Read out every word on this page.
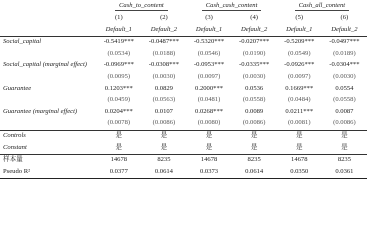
	Cash_to_content		Cash_cash_content		Cash_all_content	
	(1)	(2)	(3)	(4)	(5)	(6)
	Default_1	Default_2	Default_1	Default_2	Default_1	Default_2
Social_capital	-0.5419***	-0.0487***	-0.5320***	-0.0207***	-0.5209***	-0.0497***
	(0.0534)	(0.0188)	(0.0546)	(0.0190)	(0.0549)	(0.0189)
Social_capital (marginal effect)	-0.0969***	-0.0308***	-0.0953***	-0.0335***	-0.0926***	-0.0304***
	(0.0095)	(0.0030)	(0.0097)	(0.0030)	(0.0097)	(0.0030)
Guarantee	0.1203***	0.0829	0.2000***	0.0536	0.1669***	0.0554
	(0.0459)	(0.0563)	(0.0481)	(0.0558)	(0.0484)	(0.0558)
Guarantee (marginal effect)	0.0204***	0.0107	0.0268***	0.0089	0.0211***	0.0087
	(0.0078)	(0.0086)	(0.0080)	(0.0086)	(0.0081)	(0.0086)
Controls	是	是	是	是	是	是
Constant	是	是	是	是	是	是
样本量	14678	8235	14678	8235	14678	8235
Pseudo R²	0.0377	0.0614	0.0373	0.0614	0.0350	0.0361
